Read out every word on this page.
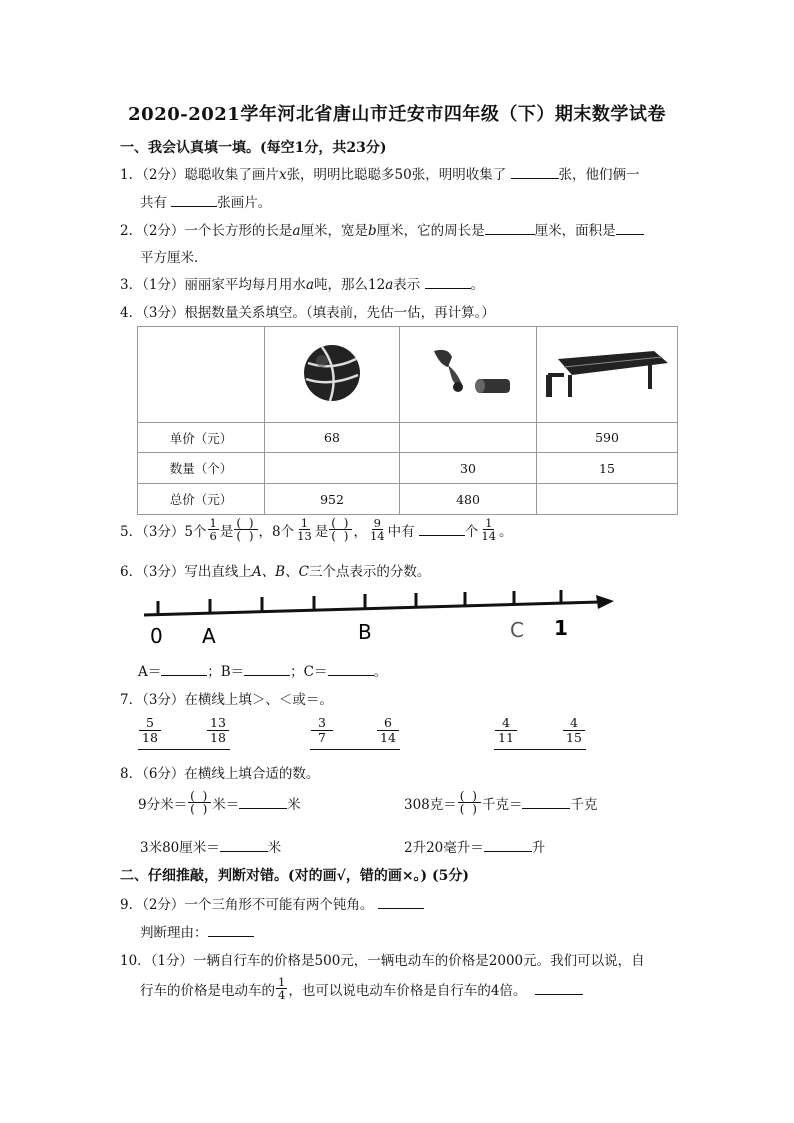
2020-2021学年河北省唐山市迁安市四年级（下）期末数学试卷
一、我会认真填一填。(每空1分，共23分)
1．（2分）聪聪收集了画片x张，明明比聪聪多50张，明明收集了	张，他们俩一
共有	张画片。
2．（2分）一个长方形的长是a厘米，宽是b厘米，它的周长是	厘米，面积是
平方厘米．
3．（1分）丽丽家平均每月用水a吨，那么12a表示	。
4．（3分）根据数量关系填空。（填表前，先估一估，再计算。）

单价（元）	68		590
数量（个）		30	15
总价（元）	952	480	
5．（3分）5个 $\frac{1}{6}$ 是 $\frac{( )}{( )}$ ，8个 $\frac{1}{13}$ 是 $\frac{( )}{( )}$ ， $\frac{9}{14}$ 中有
	个 $\frac{1}{14}$ 。
6．（3分）写出直线上A、B、C三个点表示的分数。
0 A	B	C 1
A＝	；B＝	；C＝	。
7．（3分）在横线上填＞、＜或＝。
5
18
13
18
3
7
6
14
4
11
4
15
8．（6分）在横线上填合适的数。
9分米＝ $\frac{( )}{( )}$ 米＝	米	308克＝ $\frac{( )}{( )}$ 千克＝	千克
3米80厘米＝	米	2升20毫升＝	升
二、仔细推敲，判断对错。(对的画√，错的画×。) (5分)
9．（2分）一个三角形不可能有两个钝角。
判断理由：
10．（1分）一辆自行车的价格是500元，一辆电动车的价格是2000元。我们可以说，自
行车的价格是电动车的 $\frac{1}{4}$ ，也可以说电动车价格是自行车的4倍。
